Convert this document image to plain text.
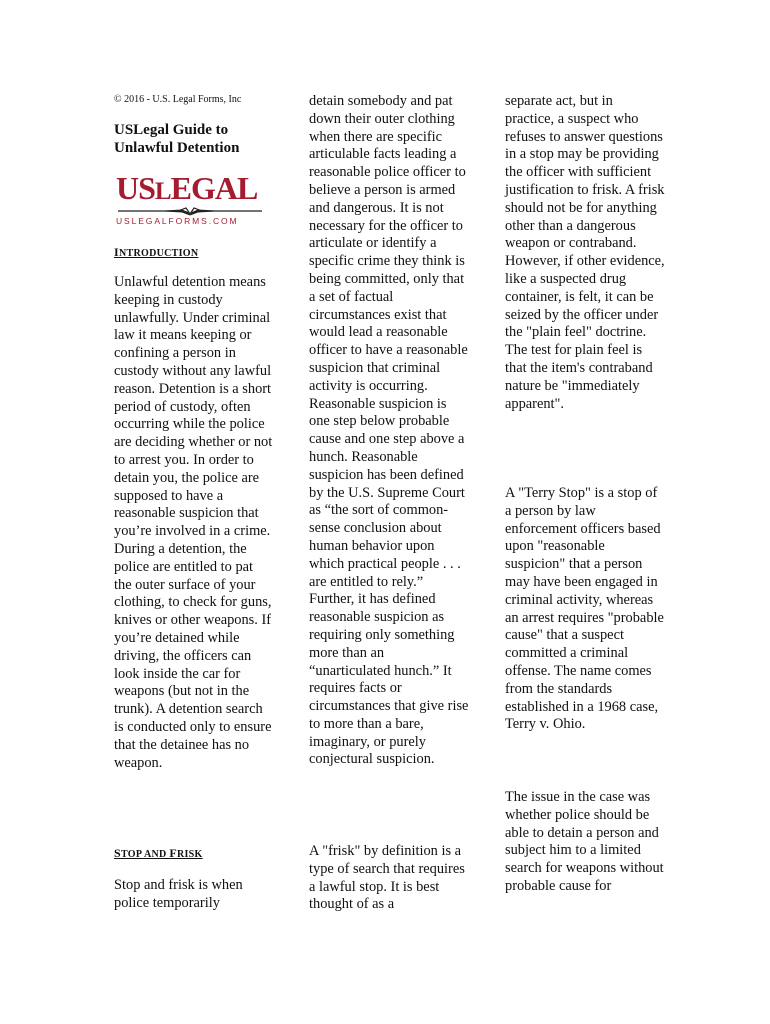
© 2016 - U.S. Legal Forms, Inc
USLegal Guide to Unlawful Detention
USLEGAL
USLEGALFORMS.COM
INTRODUCTION

Unlawful detention means keeping in custody unlawfully. Under criminal law it means keeping or confining a person in custody without any lawful reason. Detention is a short period of custody, often occurring while the police are deciding whether or not to arrest you. In order to detain you, the police are supposed to have a reasonable suspicion that you’re involved in a crime. During a detention, the police are entitled to pat the outer surface of your clothing, to check for guns, knives or other weapons. If you’re detained while driving, the officers can look inside the car for weapons (but not in the trunk). A detention search is conducted only to ensure that the detainee has no weapon.

STOP AND FRISK

Stop and frisk is when police temporarily

detain somebody and pat down their outer clothing when there are specific articulable facts leading a reasonable police officer to believe a person is armed and dangerous. It is not necessary for the officer to articulate or identify a specific crime they think is being committed, only that a set of factual circumstances exist that would lead a reasonable officer to have a reasonable suspicion that criminal activity is occurring. Reasonable suspicion is one step below probable cause and one step above a hunch. Reasonable suspicion has been defined by the U.S. Supreme Court as “the sort of common-sense conclusion about human behavior upon which practical people . . . are entitled to rely.” Further, it has defined reasonable suspicion as requiring only something more than an “unarticulated hunch.” It requires facts or circumstances that give rise to more than a bare, imaginary, or purely conjectural suspicion.

A "frisk" by definition is a type of search that requires a lawful stop. It is best thought of as a

separate act, but in practice, a suspect who refuses to answer questions in a stop may be providing the officer with sufficient justification to frisk. A frisk should not be for anything other than a dangerous weapon or contraband. However, if other evidence, like a suspected drug container, is felt, it can be seized by the officer under the "plain feel" doctrine. The test for plain feel is that the item's contraband nature be "immediately apparent".

A "Terry Stop" is a stop of a person by law enforcement officers based upon "reasonable suspicion" that a person may have been engaged in criminal activity, whereas an arrest requires "probable cause" that a suspect committed a criminal offense. The name comes from the standards established in a 1968 case, Terry v. Ohio.

The issue in the case was whether police should be able to detain a person and subject him to a limited search for weapons without probable cause for
